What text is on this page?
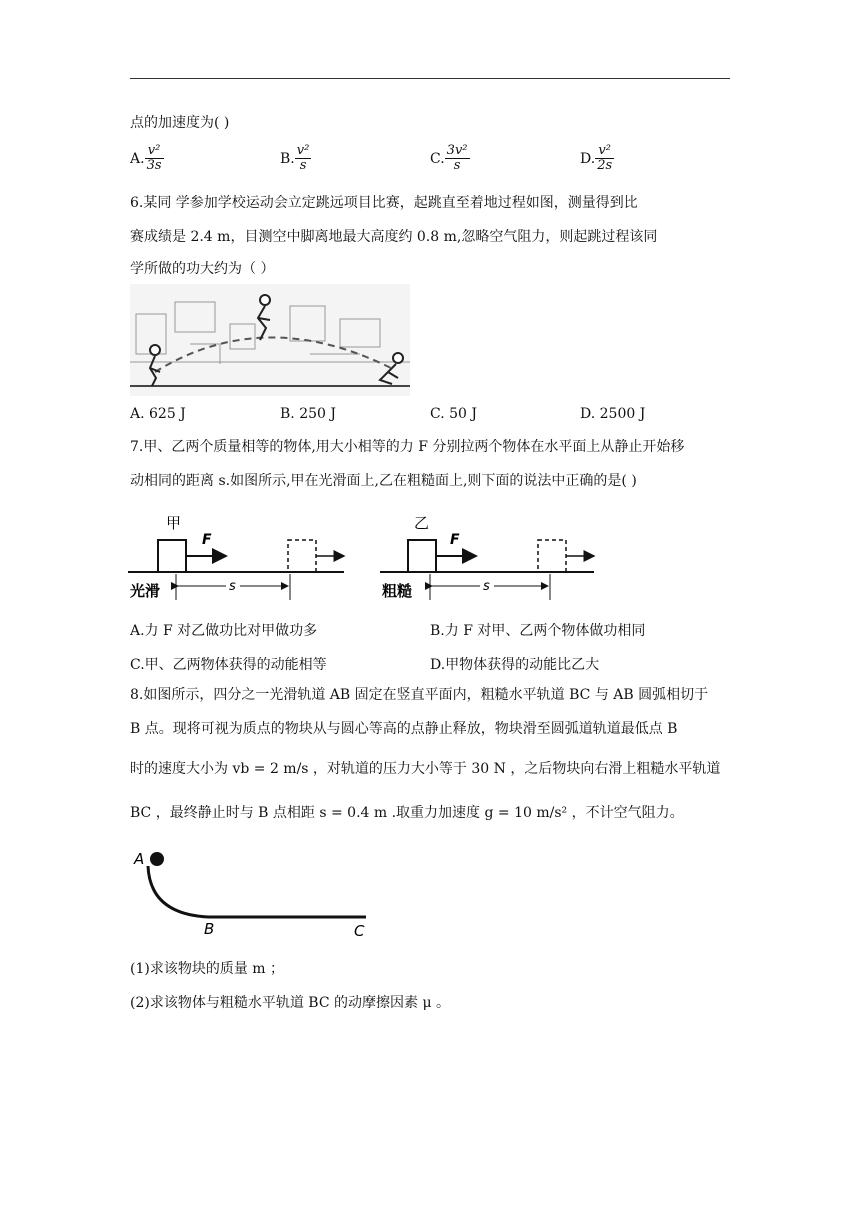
点的加速度为( )
A. $\frac{\text{v²}}{3s}$	B. $\frac{\text{v²}}{s}$	C. $\frac{\text{3v²}}{s}$	D. $\frac{\text{v²}}{2s}$
6.某同 学参加学校运动会立定跳远项目比赛，起跳直至着地过程如图，测量得到比
赛成绩是 2.4 m，目测空中脚离地最大高度约 0.8 m,忽略空气阻力，则起跳过程该同
学所做的功大约为（ ）
A. 625 J	B. 250 J	C. 50 J	D. 2500 J
7.甲、乙两个质量相等的物体,用大小相等的力 F 分别拉两个物体在水平面上从静止开始移
动相同的距离 s.如图所示,甲在光滑面上,乙在粗糙面上,则下面的说法中正确的是( )
甲
F
光滑	s
乙
F
粗糙	s
A.力 F 对乙做功比对甲做功多	B.力 F 对甲、乙两个物体做功相同
C.甲、乙两物体获得的动能相等	D.甲物体获得的动能比乙大
8.如图所示，四分之一光滑轨道 AB 固定在竖直平面内，粗糙水平轨道 BC 与 AB 圆弧相切于
B 点。现将可视为质点的物块从与圆心等高的点静止释放，物块滑至圆弧道轨道最低点 B
时的速度大小为 vb = 2 m/s ，对轨道的压力大小等于 30 N ，之后物块向右滑上粗糙水平轨道
BC ，最终静止时与 B 点相距 s = 0.4 m .取重力加速度 g = 10 m/s² ，不计空气阻力。
A
B	C
(1)求该物块的质量 m ；
(2)求该物体与粗糙水平轨道 BC 的动摩擦因素 μ 。
